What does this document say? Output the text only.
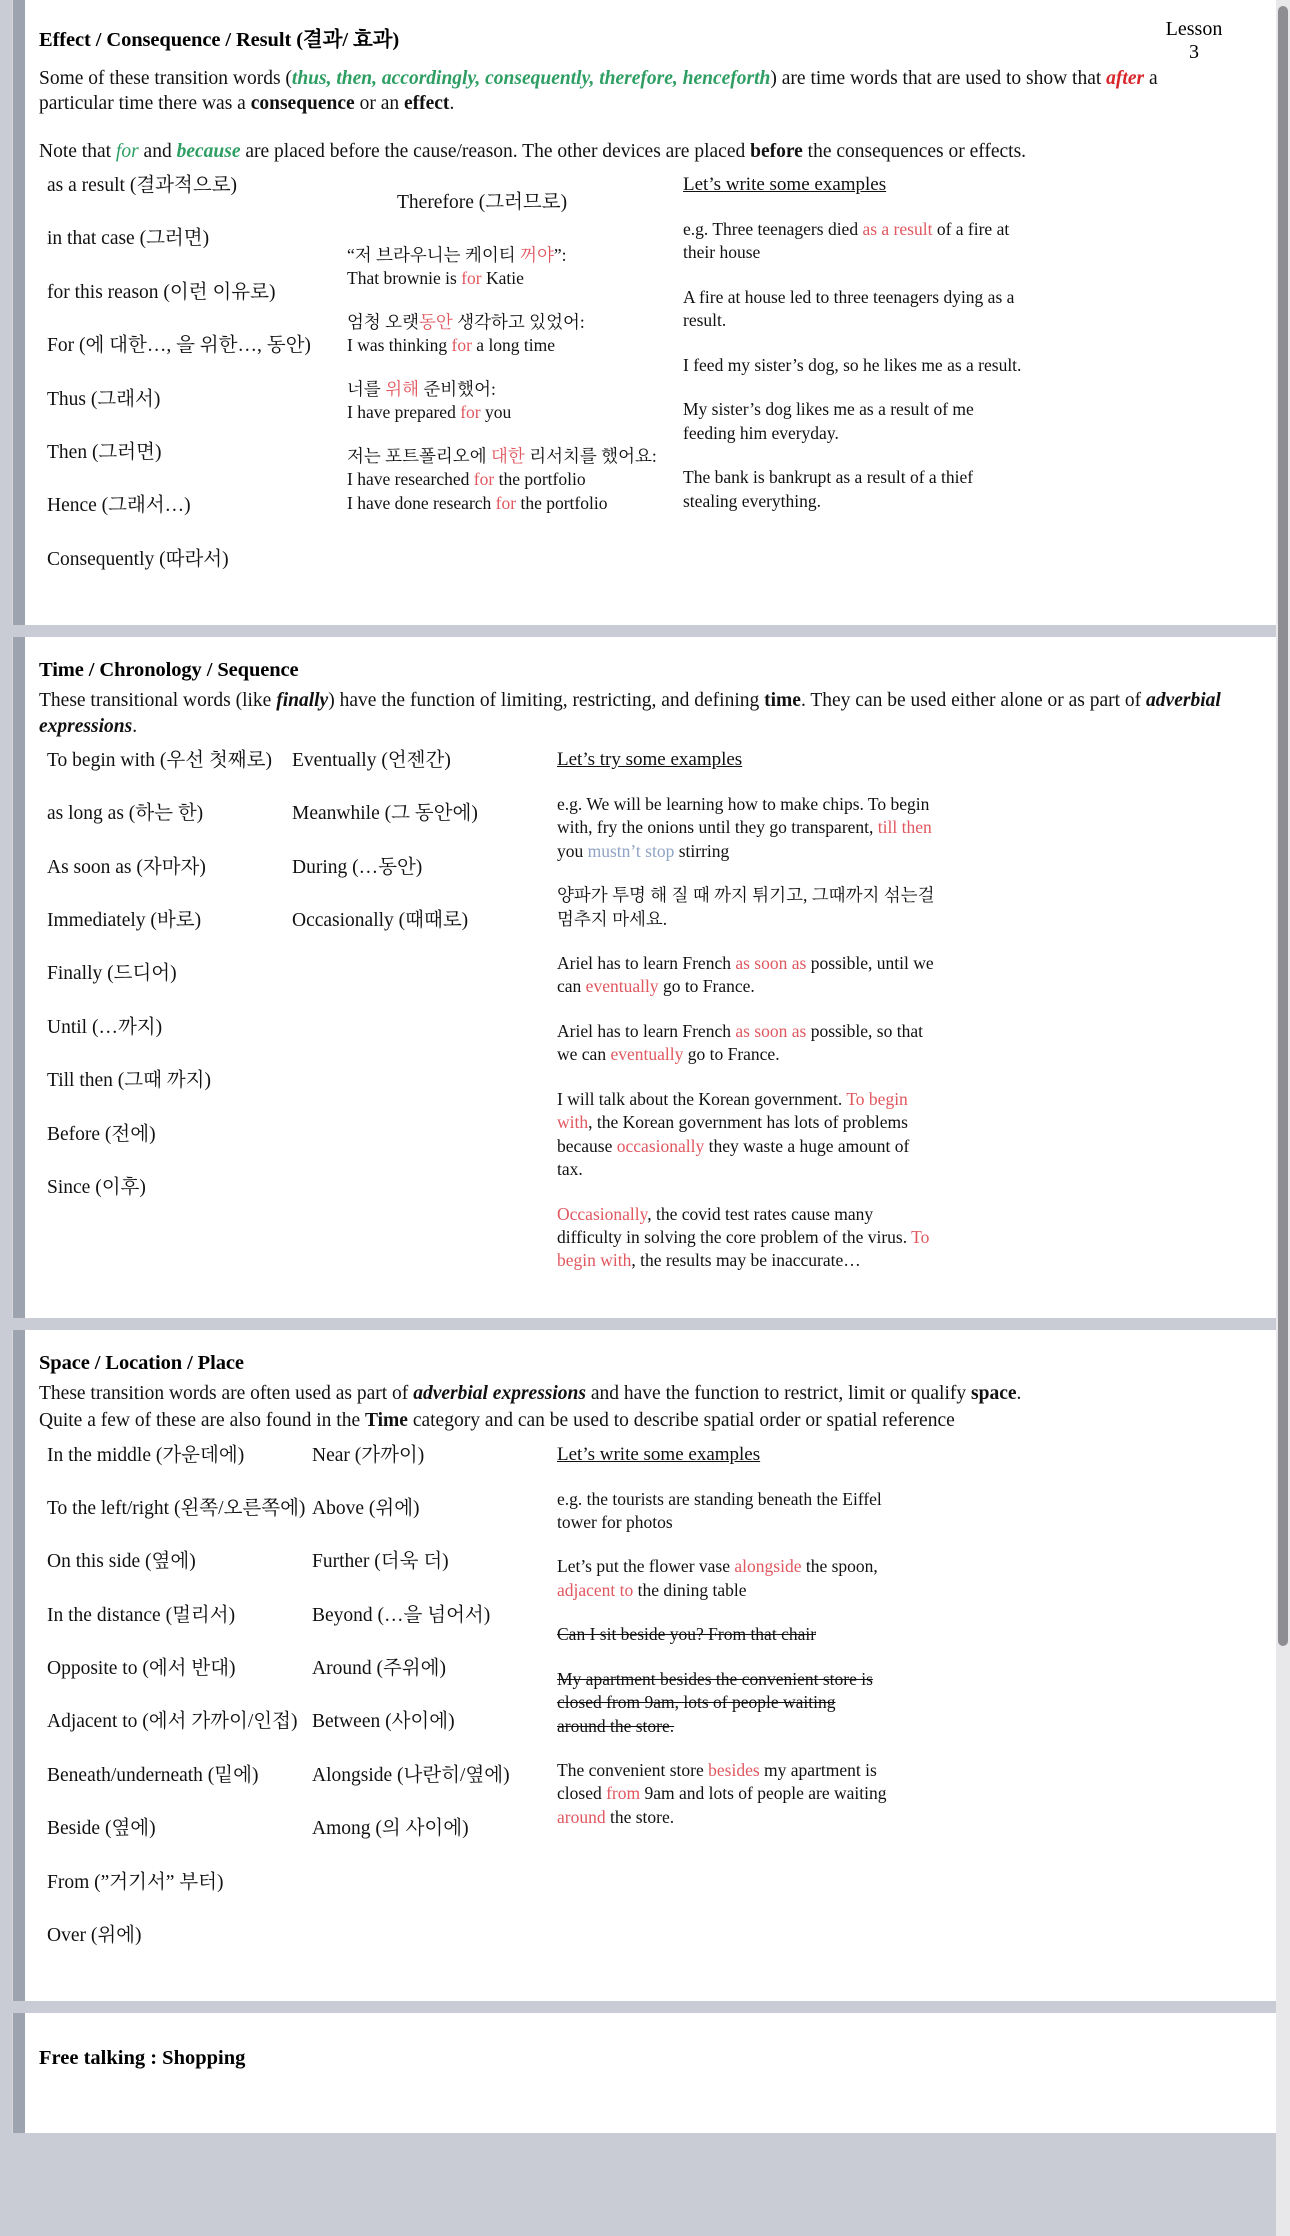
Effect / Consequence / Result (결과/ 효과)	Lesson
3
Some of these transition words (thus, then, accordingly, consequently, therefore, henceforth) are time words that are used to show that after a particular time there was a consequence or an effect.
Note that for and because are placed before the cause/reason. The other devices are placed before the consequences or effects.
as a result (결과적으로)
in that case (그러면)
for this reason (이런 이유로)
For (에 대한…, 을 위한…, 동안)
Thus (그래서)
Then (그러면)
Hence (그래서…)
Consequently (따라서)
Therefore (그러므로)
“저 브라우니는 케이티 꺼야”:
That brownie is for Katie
엄청 오랫동안 생각하고 있었어:
I was thinking for a long time
너를 위해 준비했어:
I have prepared for you
저는 포트폴리오에 대한 리서치를 했어요:
I have researched for the portfolio
I have done research for the portfolio
Let’s write some examples
e.g. Three teenagers died as a result of a fire at their house
A fire at house led to three teenagers dying as a result.
I feed my sister’s dog, so he likes me as a result.
My sister’s dog likes me as a result of me feeding him everyday.
The bank is bankrupt as a result of a thief stealing everything.
Time / Chronology / Sequence
These transitional words (like finally) have the function of limiting, restricting, and defining time. They can be used either alone or as part of adverbial expressions.
To begin with (우선 첫째로)
as long as (하는 한)
As soon as (자마자)
Immediately (바로)
Finally (드디어)
Until (…까지)
Till then (그때 까지)
Before (전에)
Since (이후)
Eventually (언젠간)
Meanwhile (그 동안에)
During (…동안)
Occasionally (때때로)
Let’s try some examples
e.g. We will be learning how to make chips. To begin with, fry the onions until they go transparent, till then you mustn’t stop stirring
양파가 투명 해 질 때 까지 튀기고, 그때까지 섞는걸 멈추지 마세요.
Ariel has to learn French as soon as possible, until we can eventually go to France.
Ariel has to learn French as soon as possible, so that we can eventually go to France.
I will talk about the Korean government. To begin with, the Korean government has lots of problems because occasionally they waste a huge amount of tax.
Occasionally, the covid test rates cause many difficulty in solving the core problem of the virus. To begin with, the results may be inaccurate…
Space / Location / Place
These transition words are often used as part of adverbial expressions and have the function to restrict, limit or qualify space.
Quite a few of these are also found in the Time category and can be used to describe spatial order or spatial reference
In the middle (가운데에)
To the left/right (왼쪽/오른쪽에)
On this side (옆에)
In the distance (멀리서)
Opposite to (에서 반대)
Adjacent to (에서 가까이/인접)
Beneath/underneath (밑에)
Beside (옆에)
From (”거기서” 부터)
Over (위에)
Near (가까이)
Above (위에)
Further (더욱 더)
Beyond (…을 넘어서)
Around (주위에)
Between (사이에)
Alongside (나란히/옆에)
Among (의 사이에)
Let’s write some examples
e.g. the tourists are standing beneath the Eiffel tower for photos
Let’s put the flower vase alongside the spoon, adjacent to the dining table
Can I sit beside you? From that chair
My apartment besides the convenient store is closed from 9am, lots of people waiting around the store.
The convenient store besides my apartment is closed from 9am and lots of people are waiting around the store.
Free talking : Shopping
